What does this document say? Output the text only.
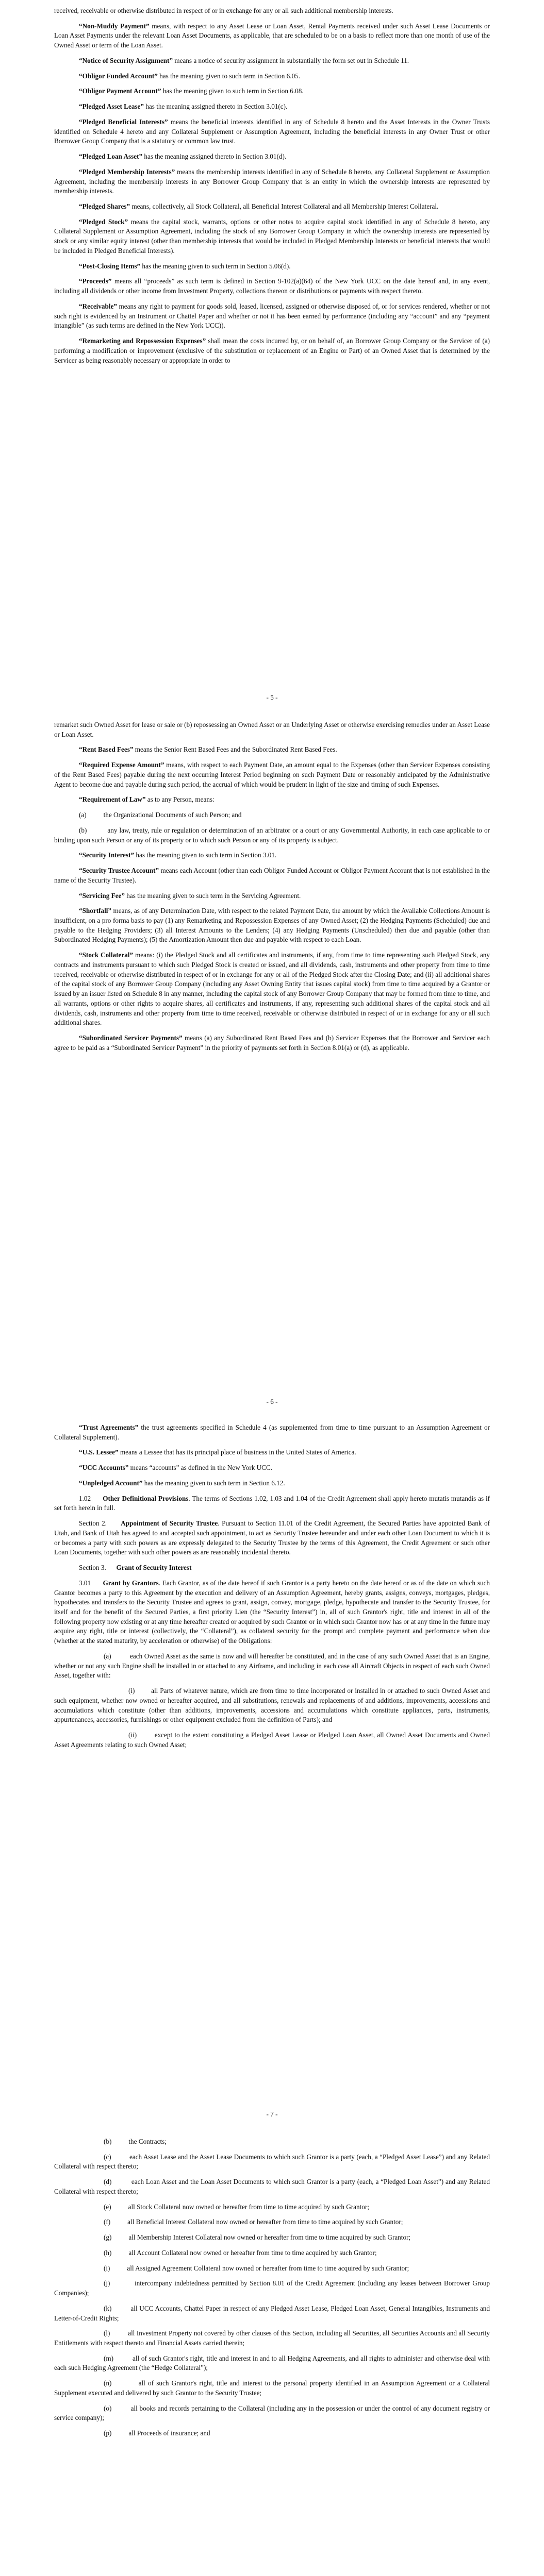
received, receivable or otherwise distributed in respect of or in exchange for any or all such additional membership interests.

“Non-Muddy Payment” means, with respect to any Asset Lease or Loan Asset, Rental Payments received under such Asset Lease Documents or Loan Asset Payments under the relevant Loan Asset Documents, as applicable, that are scheduled to be on a basis to reflect more than one month of use of the Owned Asset or term of the Loan Asset.

“Notice of Security Assignment” means a notice of security assignment in substantially the form set out in Schedule 11.

“Obligor Funded Account” has the meaning given to such term in Section 6.05.

“Obligor Payment Account” has the meaning given to such term in Section 6.08.

“Pledged Asset Lease” has the meaning assigned thereto in Section 3.01(c).

“Pledged Beneficial Interests” means the beneficial interests identified in any of Schedule 8 hereto and the Asset Interests in the Owner Trusts identified on Schedule 4 hereto and any Collateral Supplement or Assumption Agreement, including the beneficial interests in any Owner Trust or other Borrower Group Company that is a statutory or common law trust.

“Pledged Loan Asset” has the meaning assigned thereto in Section 3.01(d).

“Pledged Membership Interests” means the membership interests identified in any of Schedule 8 hereto, any Collateral Supplement or Assumption Agreement, including the membership interests in any Borrower Group Company that is an entity in which the ownership interests are represented by membership interests.

“Pledged Shares” means, collectively, all Stock Collateral, all Beneficial Interest Collateral and all Membership Interest Collateral.

“Pledged Stock” means the capital stock, warrants, options or other notes to acquire capital stock identified in any of Schedule 8 hereto, any Collateral Supplement or Assumption Agreement, including the stock of any Borrower Group Company in which the ownership interests are represented by stock or any similar equity interest (other than membership interests that would be included in Pledged Membership Interests or beneficial interests that would be included in Pledged Beneficial Interests).

“Post-Closing Items” has the meaning given to such term in Section 5.06(d).

“Proceeds” means all “proceeds” as such term is defined in Section 9-102(a)(64) of the New York UCC on the date hereof and, in any event, including all dividends or other income from Investment Property, collections thereon or distributions or payments with respect thereto.

“Receivable” means any right to payment for goods sold, leased, licensed, assigned or otherwise disposed of, or for services rendered, whether or not such right is evidenced by an Instrument or Chattel Paper and whether or not it has been earned by performance (including any “account” and any “payment intangible” (as such terms are defined in the New York UCC)).

“Remarketing and Repossession Expenses” shall mean the costs incurred by, or on behalf of, an Borrower Group Company or the Servicer of (a) performing a modification or improvement (exclusive of the substitution or replacement of an Engine or Part) of an Owned Asset that is determined by the Servicer as being reasonably necessary or appropriate in order to

- 5 -

remarket such Owned Asset for lease or sale or (b) repossessing an Owned Asset or an Underlying Asset or otherwise exercising remedies under an Asset Lease or Loan Asset.

“Rent Based Fees” means the Senior Rent Based Fees and the Subordinated Rent Based Fees.

“Required Expense Amount” means, with respect to each Payment Date, an amount equal to the Expenses (other than Servicer Expenses consisting of the Rent Based Fees) payable during the next occurring Interest Period beginning on such Payment Date or reasonably anticipated by the Administrative Agent to become due and payable during such period, the accrual of which would be prudent in light of the size and timing of such Expenses.

“Requirement of Law” as to any Person, means:

(a) the Organizational Documents of such Person; and

(b)	any law, treaty, rule or regulation or determination of an arbitrator or a court or any Governmental Authority, in each case applicable to or binding upon such Person or any of its property or to which such Person or any of its property is subject.

“Security Interest” has the meaning given to such term in Section 3.01.

“Security Trustee Account” means each Account (other than each Obligor Funded Account or Obligor Payment Account that is not established in the name of the Security Trustee).

“Servicing Fee” has the meaning given to such term in the Servicing Agreement.

“Shortfall” means, as of any Determination Date, with respect to the related Payment Date, the amount by which the Available Collections Amount is insufficient, on a pro forma basis to pay (1) any Remarketing and Repossession Expenses of any Owned Asset; (2) the Hedging Payments (Scheduled) due and payable to the Hedging Providers; (3) all Interest Amounts to the Lenders; (4) any Hedging Payments (Unscheduled) then due and payable (other than Subordinated Hedging Payments); (5) the Amortization Amount then due and payable with respect to each Loan.

“Stock Collateral” means: (i) the Pledged Stock and all certificates and instruments, if any, from time to time representing such Pledged Stock, any contracts and instruments pursuant to which such Pledged Stock is created or issued, and all dividends, cash, instruments and other property from time to time received, receivable or otherwise distributed in respect of or in exchange for any or all of the Pledged Stock after the Closing Date; and (ii) all additional shares of the capital stock of any Borrower Group Company (including any Asset Owning Entity that issues capital stock) from time to time acquired by a Grantor or issued by an issuer listed on Schedule 8 in any manner, including the capital stock of any Borrower Group Company that may be formed from time to time, and all warrants, options or other rights to acquire shares, all certificates and instruments, if any, representing such additional shares of the capital stock and all dividends, cash, instruments and other property from time to time received, receivable or otherwise distributed in respect of or in exchange for any or all such additional shares.

“Subordinated Servicer Payments” means (a) any Subordinated Rent Based Fees and (b) Servicer Expenses that the Borrower and Servicer each agree to be paid as a “Subordinated Servicer Payment” in the priority of payments set forth in Section 8.01(a) or (d), as applicable.

- 6 -

“Trust Agreements” the trust agreements specified in Schedule 4 (as supplemented from time to time pursuant to an Assumption Agreement or Collateral Supplement).

“U.S. Lessee” means a Lessee that has its principal place of business in the United States of America.

“UCC Accounts” means “accounts” as defined in the New York UCC.

“Unpledged Account” has the meaning given to such term in Section 6.12.

1.02 Other Definitional Provisions. The terms of Sections 1.02, 1.03 and 1.04 of the Credit Agreement shall apply hereto mutatis mutandis as if set forth herein in full.

Section 2. Appointment of Security Trustee. Pursuant to Section 11.01 of the Credit Agreement, the Secured Parties have appointed Bank of Utah, and Bank of Utah has agreed to and accepted such appointment, to act as Security Trustee hereunder and under each other Loan Document to which it is or becomes a party with such powers as are expressly delegated to the Security Trustee by the terms of this Agreement, the Credit Agreement or such other Loan Documents, together with such other powers as are reasonably incidental thereto.

Section 3. Grant of Security Interest

3.01 Grant by Grantors. Each Grantor, as of the date hereof if such Grantor is a party hereto on the date hereof or as of the date on which such Grantor becomes a party to this Agreement by the execution and delivery of an Assumption Agreement, hereby grants, assigns, conveys, mortgages, pledges, hypothecates and transfers to the Security Trustee and agrees to grant, assign, convey, mortgage, pledge, hypothecate and transfer to the Security Trustee, for itself and for the benefit of the Secured Parties, a first priority Lien (the “Security Interest”) in, all of such Grantor's right, title and interest in all of the following property now existing or at any time hereafter created or acquired by such Grantor or in which such Grantor now has or at any time in the future may acquire any right, title or interest (collectively, the “Collateral”), as collateral security for the prompt and complete payment and performance when due (whether at the stated maturity, by acceleration or otherwise) of the Obligations:

(a)	each Owned Asset as the same is now and will hereafter be constituted, and in the case of any such Owned Asset that is an Engine, whether or not any such Engine shall be installed in or attached to any Airframe, and including in each case all Aircraft Objects in respect of each such Owned Asset, together with:

(i) all Parts of whatever nature, which are from time to time incorporated or installed in or attached to such Owned Asset and such equipment, whether now owned or hereafter acquired, and all substitutions, renewals and replacements of and additions, improvements, accessions and accumulations which constitute (other than additions, improvements, accessions and accumulations which constitute appliances, parts, instruments, appurtenances, accessories, furnishings or other equipment excluded from the definition of Parts); and

(ii)	except to the extent constituting a Pledged Asset Lease or Pledged Loan Asset, all Owned Asset Documents and Owned Asset Agreements relating to such Owned Asset;

- 7 -

(b) the Contracts;

(c)	each Asset Lease and the Asset Lease Documents to which such Grantor is a party (each, a “Pledged Asset Lease”) and any Related Collateral with respect thereto;

(d)	each Loan Asset and the Loan Asset Documents to which such Grantor is a party (each, a “Pledged Loan Asset”) and any Related Collateral with respect thereto;

(e) all Stock Collateral now owned or hereafter from time to time acquired by such Grantor;

(f) all Beneficial Interest Collateral now owned or hereafter from time to time acquired by such Grantor;

(g) all Membership Interest Collateral now owned or hereafter from time to time acquired by such Grantor;

(h) all Account Collateral now owned or hereafter from time to time acquired by such Grantor;

(i) all Assigned Agreement Collateral now owned or hereafter from time to time acquired by such Grantor;

(j)	intercompany indebtedness permitted by Section 8.01 of the Credit Agreement (including any leases between Borrower Group Companies);

(k)	all UCC Accounts, Chattel Paper in respect of any Pledged Asset Lease, Pledged Loan Asset, General Intangibles, Instruments and Letter-of-Credit Rights;

(l)	all Investment Property not covered by other clauses of this Section, including all Securities, all Securities Accounts and all Security Entitlements with respect thereto and Financial Assets carried therein;

(m)	all of such Grantor's right, title and interest in and to all Hedging Agreements, and all rights to administer and otherwise deal with each such Hedging Agreement (the “Hedge Collateral”);

(n)	all of such Grantor's right, title and interest to the personal property identified in an Assumption Agreement or a Collateral Supplement executed and delivered by such Grantor to the Security Trustee;

(o)	all books and records pertaining to the Collateral (including any in the possession or under the control of any document registry or service company);

(p) all Proceeds of insurance; and
